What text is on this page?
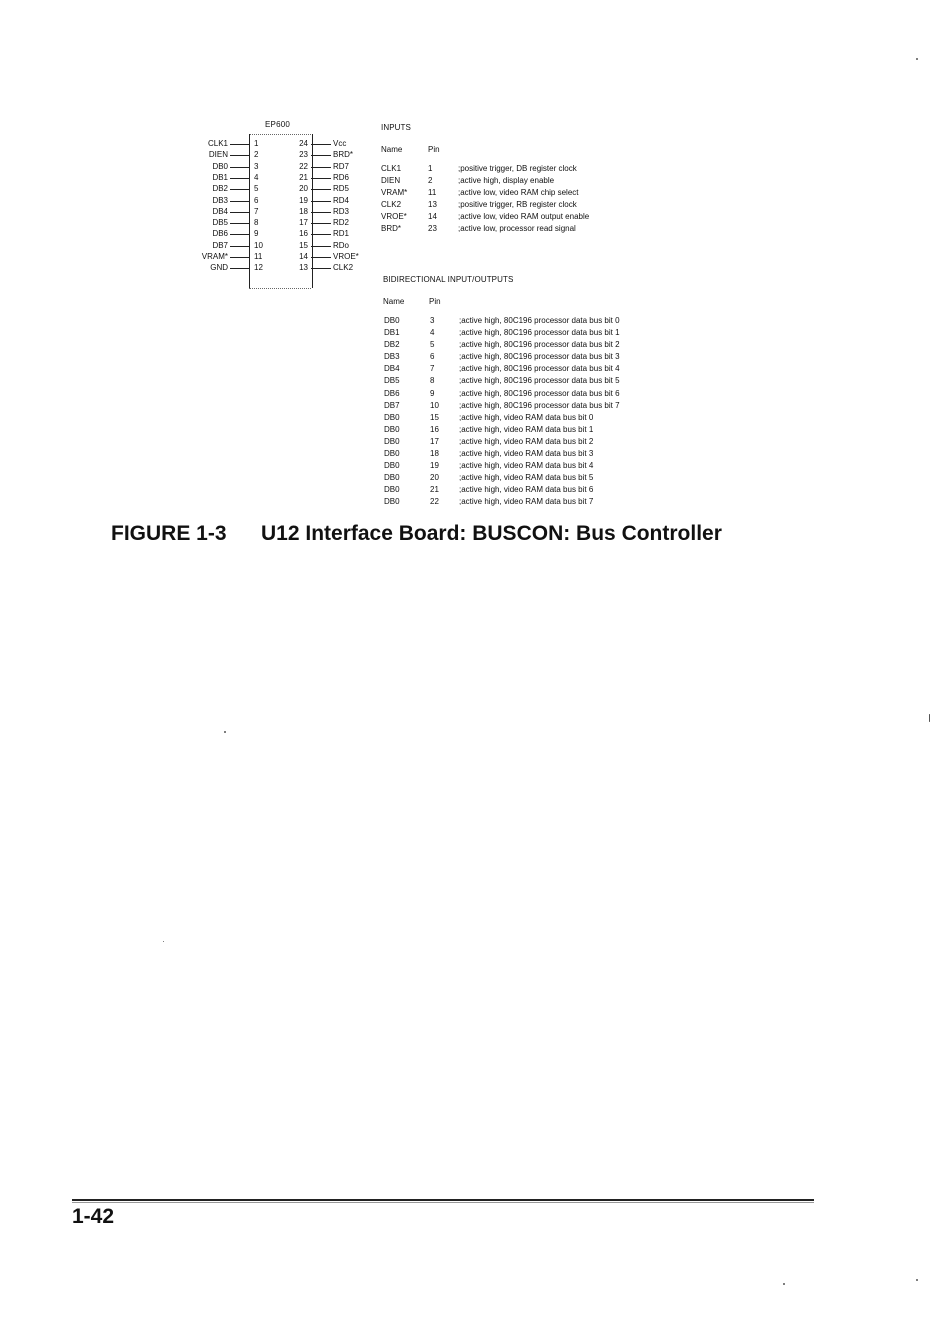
EP600
CLK1	1	24	Vcc
DIEN	2	23	BRD*
DB0	3	22	RD7
DB1	4	21	RD6
DB2	5	20	RD5
DB3	6	19	RD4
DB4	7	18	RD3
DB5	8	17	RD2
DB6	9	16	RD1
DB7	10	15	RDo
VRAM*	11	14	VROE*
GND	12	13	CLK2
INPUTS
Name	Pin
CLK1	1	;positive trigger, DB register clock
DIEN	2	;active high, display enable
VRAM*	11	;active low, video RAM chip select
CLK2	13	;positive trigger, RB register clock
VROE*	14	;active low, video RAM output enable
BRD*	23	;active low, processor read signal
BIDIRECTIONAL INPUT/OUTPUTS
Name	Pin
DB0	3	;active high, 80C196 processor data bus bit 0
DB1	4	;active high, 80C196 processor data bus bit 1
DB2	5	;active high, 80C196 processor data bus bit 2
DB3	6	;active high, 80C196 processor data bus bit 3
DB4	7	;active high, 80C196 processor data bus bit 4
DB5	8	;active high, 80C196 processor data bus bit 5
DB6	9	;active high, 80C196 processor data bus bit 6
DB7	10	;active high, 80C196 processor data bus bit 7
DB0	15	;active high, video RAM data bus bit 0
DB0	16	;active high, video RAM data bus bit 1
DB0	17	;active high, video RAM data bus bit 2
DB0	18	;active high, video RAM data bus bit 3
DB0	19	;active high, video RAM data bus bit 4
DB0	20	;active high, video RAM data bus bit 5
DB0	21	;active high, video RAM data bus bit 6
DB0	22	;active high, video RAM data bus bit 7
FIGURE 1-3 U12 Interface Board: BUSCON: Bus Controller
1-42
